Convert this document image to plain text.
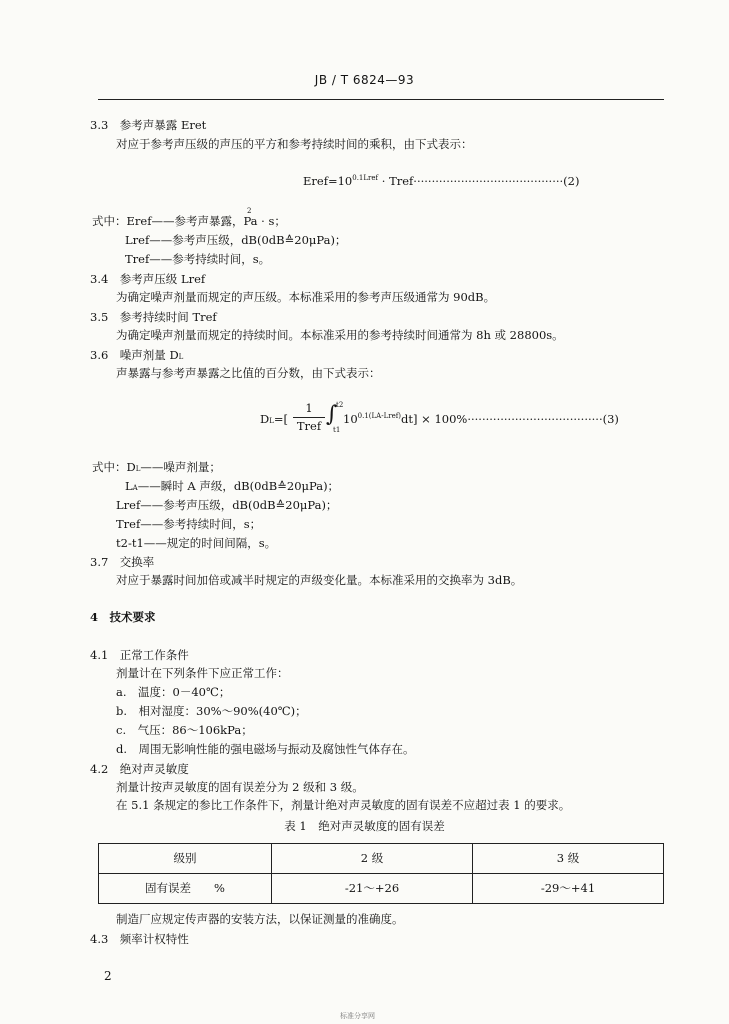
JB / T 6824—93
3.3　参考声暴露 Eret
对应于参考声压级的声压的平方和参考持续时间的乘积，由下式表示：
$Eref=10^{0.1Lref}$ · Tref·········································(2)
2
式中：Eref——参考声暴露，Pa · s；
Lref——参考声压级，dB(0dB≙20μPa)；
Tref——参考持续时间，s。
3.4　参考声压级 Lref
为确定噪声剂量而规定的声压级。本标准采用的参考声压级通常为 90dB。
3.5　参考持续时间 Tref
为确定噪声剂量而规定的持续时间。本标准采用的参考持续时间通常为 8h 或 28800s。
3.6　噪声剂量 DL
声暴露与参考声暴露之比值的百分数，由下式表示：
DL=[
1
Tref ∫
t2
t1
$10^{0.1(LA-Lref)}dt] \times 100\%\cdot\cdot\cdot\cdot\cdot\cdot\cdot\cdot\cdot\cdot\cdot\cdot\cdot\cdot\cdot\cdot\cdot\cdot\cdot\cdot\cdot\cdot\cdot\cdot\cdot\cdot\cdot\cdot\cdot\cdot\cdot\cdot\cdot\cdot\cdot\cdot\cdot(3)$
式中：DL——噪声剂量；
LA——瞬时 A 声级，dB(0dB≙20μPa)；
Lref——参考声压级，dB(0dB≙20μPa)；
Tref——参考持续时间，s；
t2-t1——规定的时间间隔，s。
3.7　交换率
对应于暴露时间加倍或减半时规定的声级变化量。本标准采用的交换率为 3dB。
4　技术要求
4.1　正常工作条件
剂量计在下列条件下应正常工作：
a.　温度：0－40℃；
b.　相对湿度：30%～90%(40℃)；
c.　气压：86～106kPa；
d.　周围无影响性能的强电磁场与振动及腐蚀性气体存在。
4.2　绝对声灵敏度
剂量计按声灵敏度的固有误差分为 2 级和 3 级。
在 5.1 条规定的参比工作条件下，剂量计绝对声灵敏度的固有误差不应超过表 1 的要求。
表 1　绝对声灵敏度的固有误差
级别	2 级	3 级
固有误差　　%	-21～+26	-29～+41
制造厂应规定传声器的安装方法，以保证测量的准确度。
4.3　频率计权特性
2
标准分享网
